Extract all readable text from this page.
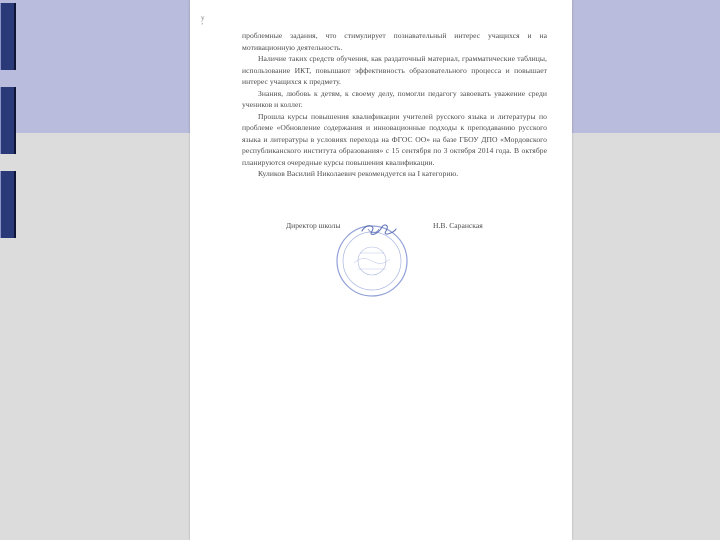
у
’

проблемные задания, что стимулирует познавательный интерес учащихся и на мотивационную деятельность.

Наличие таких средств обучения, как раздаточный материал, грамматические таблицы, использование ИКТ, повышают эффективность образовательного процесса и повышает интерес учащихся к предмету.

Знания, любовь к детям, к своему делу, помогли педагогу завоевать уважение среди учеников и коллег.

Прошла курсы повышения квалификации учителей русского языка и литературы по проблеме «Обновление содержания и инновационные подходы к преподаванию русского языка и литературы в условиях перехода на ФГОС ОО» на базе ГБОУ ДПО «Мордовского республиканского института образования» с 15 сентября по 3 октября 2014 года. В октябре планируются очередные курсы повышения квалификации.

Куликов Василий Николаевич рекомендуется на I категорию.

Директор школы	Н.В. Саранская
